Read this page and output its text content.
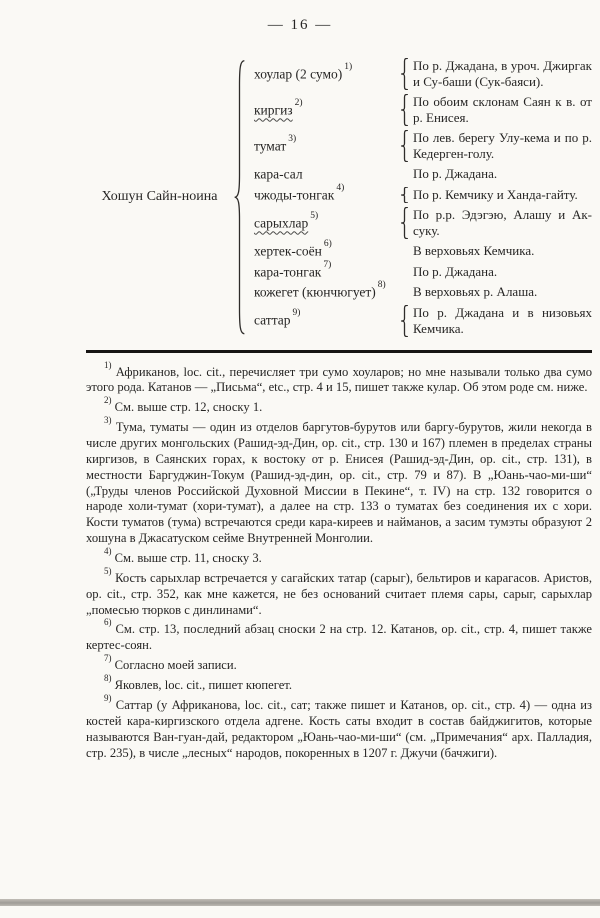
— 16 —
Хошун Сайн-ноина
хоулар (2 сумо) $^{1)}$	По р. Джадана, в уроч. Джиргак и Су-баши (Сук-баяси).
киргиз $^{2)}$	По обоим склонам Саян к в. от р. Енисея.
тумат $^{3)}$	По лев. берегу Улу-кема и по р. Кедерген-голу.
кара-сал	По р. Джадана.
чжоды-тонгак $^{4)}$	По р. Кемчику и Ханда-гайту.
сарыхлар $^{5)}$	По р.р. Эдэгэю, Алашу и Ак-суку.
хертек-соён $^{6)}$	В верховьях Кемчика.
кара-тонгак $^{7)}$	По р. Джадана.
кожегет (кюнчюгует) $^{8)}$	В верховьях р. Алаша.
саттар $^{9)}$	По р. Джадана и в низовьях Кемчика.

$^{1)}$ Африканов, loc. cit., перечисляет три сумо хоуларов; но мне называли только два сумо этого рода. Катанов — „Письма“, etc., стр. 4 и 15, пишет также кулар. Об этом роде см. ниже.

$^{2)}$ См. выше стр. 12, сноску 1.

$^{3)}$ Тума, туматы — один из отделов баргутов-бурутов или баргу-бурутов, жили некогда в числе других монгольских (Рашид-эд-Дин, op. cit., стр. 130 и 167) племен в пределах страны киргизов, в Саянских горах, к востоку от р. Енисея (Рашид-эд-Дин, op. cit., стр. 131), в местности Баргуджин-Токум (Рашид-эд-дин, op. cit., стр. 79 и 87). В „Юань-чао-ми-ши“ („Труды членов Российской Духовной Миссии в Пекине“, т. IV) на стр. 132 говорится о народе холи-тумат (хори-тумат), а далее на стр. 133 о туматах без соединения их с хори. Кости туматов (тума) встречаются среди кара-киреев и найманов, а засим тумэты образуют 2 хошуна в Джасатуском сейме Внутренней Монголии.

$^{4)}$ См. выше стр. 11, сноску 3.

$^{5)}$ Кость сарыхлар встречается у сагайских татар (сарыг), бельтиров и карагасов. Аристов, op. cit., стр. 352, как мне кажется, не без оснований считает племя сары, сарыг, сарыхлар „помесью тюрков с динлинами“.

$^{6)}$ См. стр. 13, последний абзац сноски 2 на стр. 12. Катанов, op. cit., стр. 4, пишет также кертес-соян.

$^{7)}$ Согласно моей записи.

$^{8)}$ Яковлев, loc. cit., пишет кюпегет.

$^{9)}$ Саттар (у Африканова, loc. cit., сат; также пишет и Катанов, op. cit., стр. 4) — одна из костей кара-киргизского отдела адгене. Кость саты входит в состав байджигитов, которые называются Ван-гуан-дай, редактором „Юань-чао-ми-ши“ (см. „Примечания“ арх. Палладия, стр. 235), в числе „лесных“ народов, покоренных в 1207 г. Джучи (бачжиги).
